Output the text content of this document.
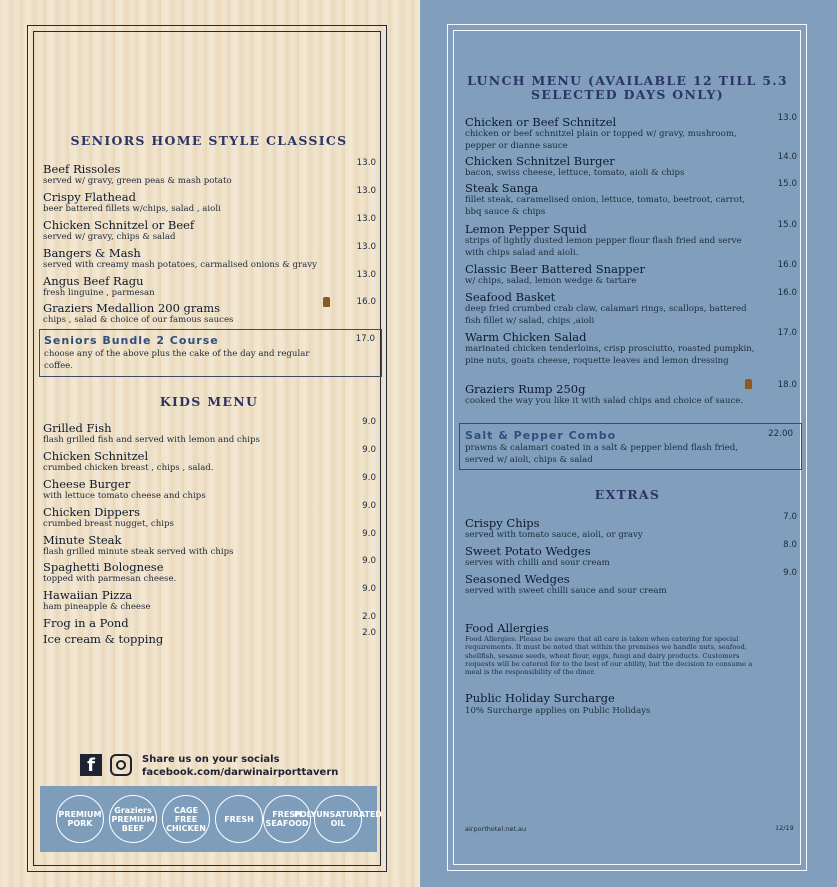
SENIORS HOME STYLE CLASSICS
Beef Rissoles
served w/ gravy, green peas & mash potato
13.0
Crispy Flathead
beer battered fillets w/chips, salad , aioli
13.0
Chicken Schnitzel or Beef
served w/ gravy, chips & salad
13.0
Bangers & Mash
served with creamy mash potatoes, carmalised onions & gravy
13.0
Angus Beef Ragu
fresh linguine , parmesan
13.0
Graziers Medallion 200 grams
chips , salad & choice of our famous sauces
16.0
Seniors Bundle 2 Course
choose any of the above plus the cake of the day and regular coffee.
17.0
KIDS MENU
Grilled Fish
flash grilled fish and served with lemon and chips
9.0
Chicken Schnitzel
crumbed chicken breast , chips , salad.
9.0
Cheese Burger
with lettuce tomato cheese and chips
9.0
Chicken Dippers
crumbed breast nugget, chips
9.0
Minute Steak
flash grilled minute steak served with chips
9.0
Spaghetti Bolognese
topped with parmesan cheese.
9.0
Hawaiian Pizza
ham pineapple & cheese
9.0
Frog in a Pond	2.0
Ice cream & topping	2.0
f	Share us on your socials
facebook.com/darwinairporttavern
PREMIUM PORK
Graziers PREMIUM BEEF
CAGE FREE CHICKEN
FRESH	FRESH SEAFOOD
POLYUNSATURATED OIL
LUNCH MENU (AVAILABLE 12 TILL 5.3 SELECTED DAYS ONLY)
Chicken or Beef Schnitzel
chicken or beef schnitzel plain or topped w/ gravy, mushroom, pepper or dianne sauce
13.0
Chicken Schnitzel Burger
bacon, swiss cheese, lettuce, tomato, aioli & chips
14.0
Steak Sanga
fillet steak, caramelised onion, lettuce, tomato, beetroot, carrot, bbq sauce & chips
15.0
Lemon Pepper Squid
strips of lightly dusted lemon pepper flour flash fried and serve with chips salad and aioli.
15.0
Classic Beer Battered Snapper
w/ chips, salad, lemon wedge & tartare
16.0
Seafood Basket
deep fried crumbed crab claw, calamari rings, scallops, battered fish fillet w/ salad, chips ,aioli
16.0
Warm Chicken Salad
marinated chicken tenderloins, crisp prosciutto, roasted pumpkin, pine nuts, goats cheese, roquette leaves and lemon dressing
17.0
Graziers Rump 250g
cooked the way you like it with salad chips and choice of sauce.
18.0
Salt & Pepper Combo
prawns & calamari coated in a salt & pepper blend flash fried, served w/ aioli, chips & salad
22.00
EXTRAS
Crispy Chips
served with tomato sauce, aioli, or gravy
7.0
Sweet Potato Wedges
serves with chilli and sour cream
8.0
Seasoned Wedges
served with sweet chilli sauce and sour cream
9.0
Food Allergies
Food Allergies: Please be aware that all care is taken when catering for special requirements. It must be noted that within the premises we handle nuts, seafood, shellfish, sesame seeds, wheat flour, eggs, fungi and dairy products. Customers requests will be catered for to the best of our ability, but the decision to consume a meal is the responsibility of the diner.
Public Holiday Surcharge
10% Surcharge applies on Public Holidays
airporthotel.net.au	12/19
